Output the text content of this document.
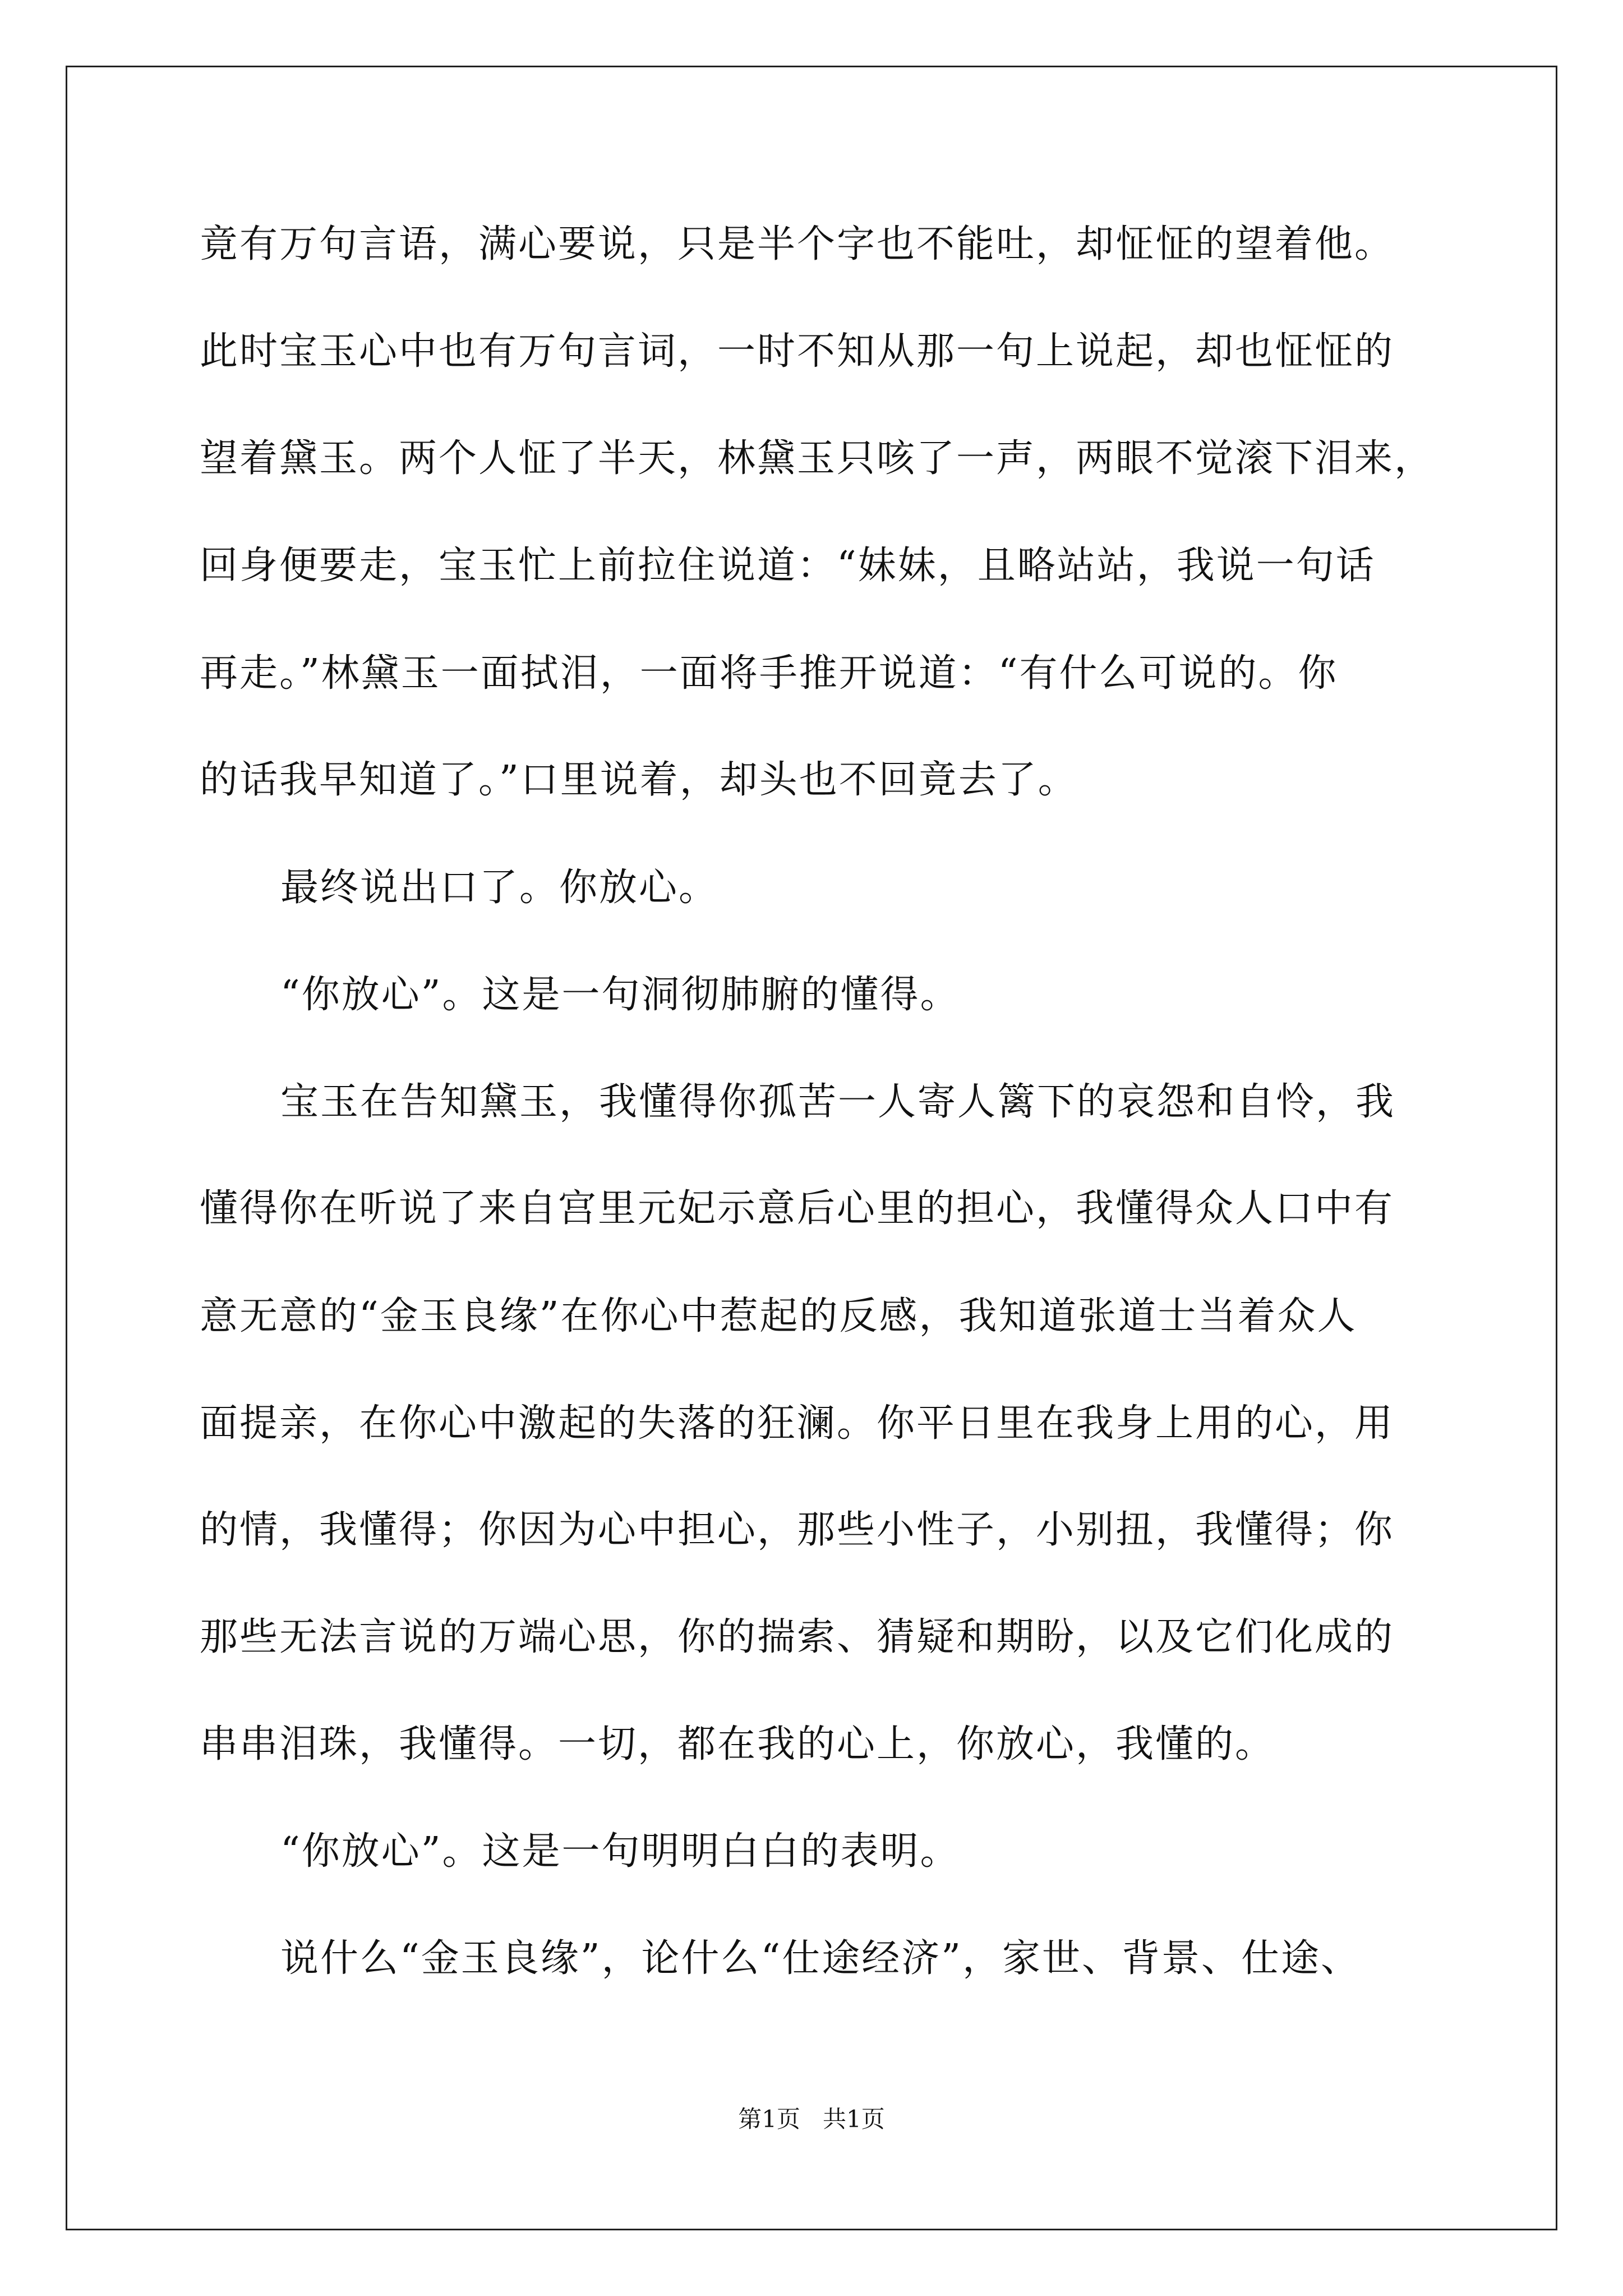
竟有万句言语，满心要说，只是半个字也不能吐，却怔怔的望着他。

此时宝玉心中也有万句言词，一时不知从那一句上说起，却也怔怔的

望着黛玉。两个人怔了半天，林黛玉只咳了一声，两眼不觉滚下泪来，

回身便要走，宝玉忙上前拉住说道：“妹妹，且略站站，我说一句话

再走。”林黛玉一面拭泪，一面将手推开说道：“有什么可说的。你

的话我早知道了。”口里说着，却头也不回竟去了。

最终说出口了。你放心。

“你放心”。这是一句洞彻肺腑的懂得。

宝玉在告知黛玉，我懂得你孤苦一人寄人篱下的哀怨和自怜，我

懂得你在听说了来自宫里元妃示意后心里的担心，我懂得众人口中有

意无意的“金玉良缘”在你心中惹起的反感，我知道张道士当着众人

面提亲，在你心中激起的失落的狂澜。你平日里在我身上用的心，用

的情，我懂得；你因为心中担心，那些小性子，小别扭，我懂得；你

那些无法言说的万端心思，你的揣索、猜疑和期盼，以及它们化成的

串串泪珠，我懂得。一切，都在我的心上，你放心，我懂的。

“你放心”。这是一句明明白白的表明。

说什么“金玉良缘”，论什么“仕途经济”，家世、背景、仕途、

第1页   共1页
